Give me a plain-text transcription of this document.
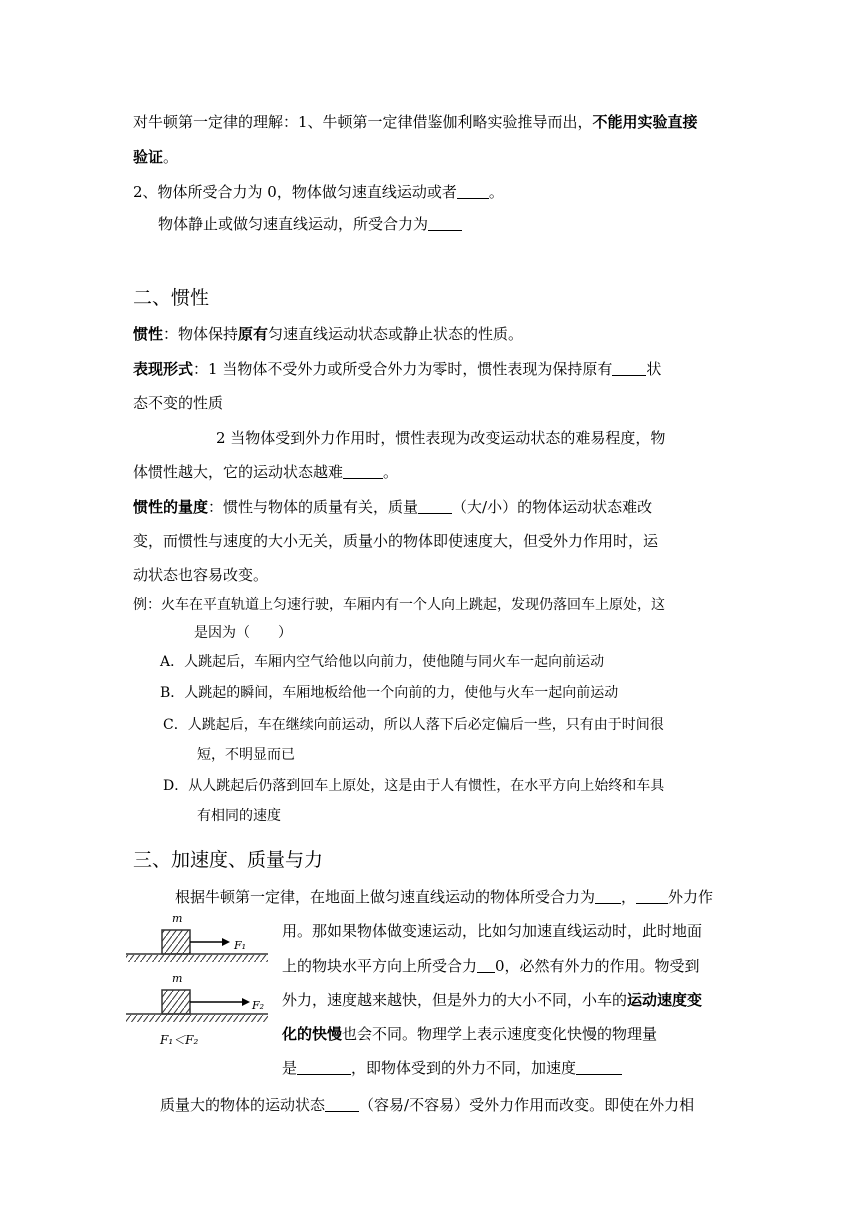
对牛顿第一定律的理解：1、牛顿第一定律借鉴伽利略实验推导而出，不能用实验直接
验证。
2、物体所受合力为 0，物体做匀速直线运动或者 。
物体静止或做匀速直线运动，所受合力为
二、惯性
惯性：物体保持原有匀速直线运动状态或静止状态的性质。
表现形式：1 当物体不受外力或所受合外力为零时，惯性表现为保持原有 状
态不变的性质
2 当物体受到外力作用时，惯性表现为改变运动状态的难易程度，物
体惯性越大，它的运动状态越难	。
惯性的量度：惯性与物体的质量有关，质量 （大/小）的物体运动状态难改
变，而惯性与速度的大小无关，质量小的物体即使速度大，但受外力作用时，运
动状态也容易改变。
例：火车在平直轨道上匀速行驶，车厢内有一个人向上跳起，发现仍落回车上原处，这
是因为（　　）
A．人跳起后，车厢内空气给他以向前力，使他随与同火车一起向前运动
B．人跳起的瞬间，车厢地板给他一个向前的力，使他与火车一起向前运动
C．人跳起后，车在继续向前运动，所以人落下后必定偏后一些，只有由于时间很
短，不明显而已
D．从人跳起后仍落到回车上原处，这是由于人有惯性，在水平方向上始终和车具
有相同的速度
三、加速度、质量与力
根据牛顿第一定律，在地面上做匀速直线运动的物体所受合力为 ， 外力作
用。那如果物体做变速运动，比如匀加速直线运动时，此时地面
上的物块水平方向上所受合力 0，必然有外力的作用。物受到
外力，速度越来越快，但是外力的大小不同，小车的运动速度变
化的快慢也会不同。物理学上表示速度变化快慢的物理量
是	，即物体受到的外力不同，加速度
质量大的物体的运动状态 （容易/不容易）受外力作用而改变。即使在外力相
m
F₁
m
F₂
F₁＜F₂
